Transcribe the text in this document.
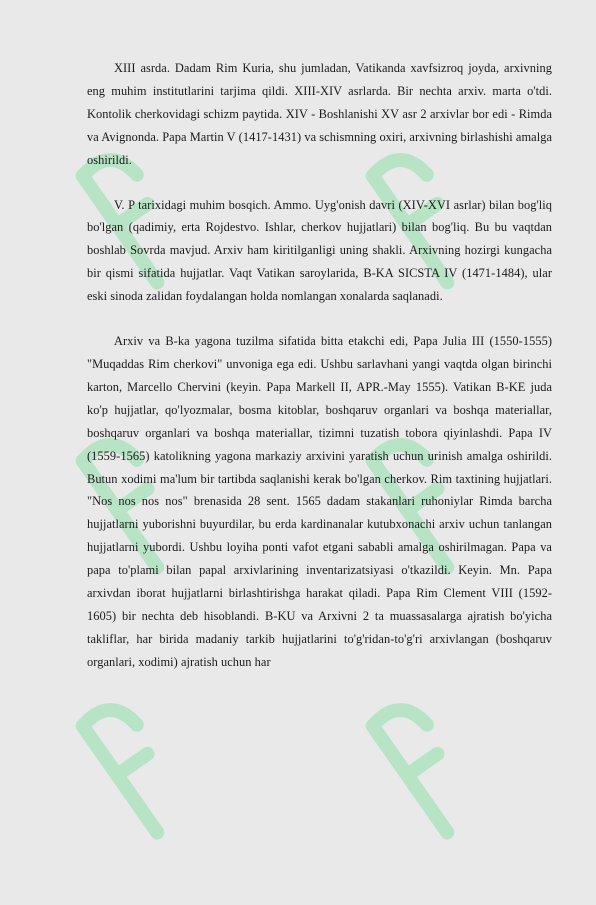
XIII asrda. Dadam Rim Kuria, shu jumladan, Vatikanda xavfsizroq joyda, arxivning eng muhim institutlarini tarjima qildi. XIII-XIV asrlarda. Bir nechta arxiv. marta o'tdi. Kontolik cherkovidagi schizm paytida. XIV - Boshlanishi XV asr 2 arxivlar bor edi - Rimda va Avignonda. Papa Martin V (1417-1431) va schismning oxiri, arxivning birlashishi amalga oshirildi.

V. P tarixidagi muhim bosqich. Ammo. Uyg'onish davri (XIV-XVI asrlar) bilan bog'liq bo'lgan (qadimiy, erta Rojdestvo. Ishlar, cherkov hujjatlari) bilan bog'liq. Bu bu vaqtdan boshlab Sovrda mavjud. Arxiv ham kiritilganligi uning shakli. Arxivning hozirgi kungacha bir qismi sifatida hujjatlar. Vaqt Vatikan saroylarida, B-KA SICSTA IV (1471-1484), ular eski sinoda zalidan foydalangan holda nomlangan xonalarda saqlanadi.

Arxiv va B-ka yagona tuzilma sifatida bitta etakchi edi, Papa Julia III (1550-1555) "Muqaddas Rim cherkovi" unvoniga ega edi. Ushbu sarlavhani yangi vaqtda olgan birinchi karton, Marcello Chervini (keyin. Papa Markell II, APR.-May 1555). Vatikan B-KE juda ko'p hujjatlar, qo'lyozmalar, bosma kitoblar, boshqaruv organlari va boshqa materiallar, boshqaruv organlari va boshqa materiallar, tizimni tuzatish tobora qiyinlashdi. Papa IV (1559-1565) katolikning yagona markaziy arxivini yaratish uchun urinish amalga oshirildi. Butun xodimi ma'lum bir tartibda saqlanishi kerak bo'lgan cherkov. Rim taxtining hujjatlari. "Nos nos nos nos" brenasida 28 sent. 1565 dadam stakanlari ruhoniylar Rimda barcha hujjatlarni yuborishni buyurdilar, bu erda kardinanalar kutubxonachi arxiv uchun tanlangan hujjatlarni yubordi. Ushbu loyiha ponti vafot etgani sababli amalga oshirilmagan. Papa va papa to'plami bilan papal arxivlarining inventarizatsiyasi o'tkazildi. Keyin. Mn. Papa arxivdan iborat hujjatlarni birlashtirishga harakat qiladi. Papa Rim Clement VIII (1592-1605) bir nechta deb hisoblandi. B-KU va Arxivni 2 ta muassasalarga ajratish bo'yicha takliflar, har birida madaniy tarkib hujjatlarini to'g'ridan-to'g'ri arxivlangan (boshqaruv organlari, xodimi) ajratish uchun har
